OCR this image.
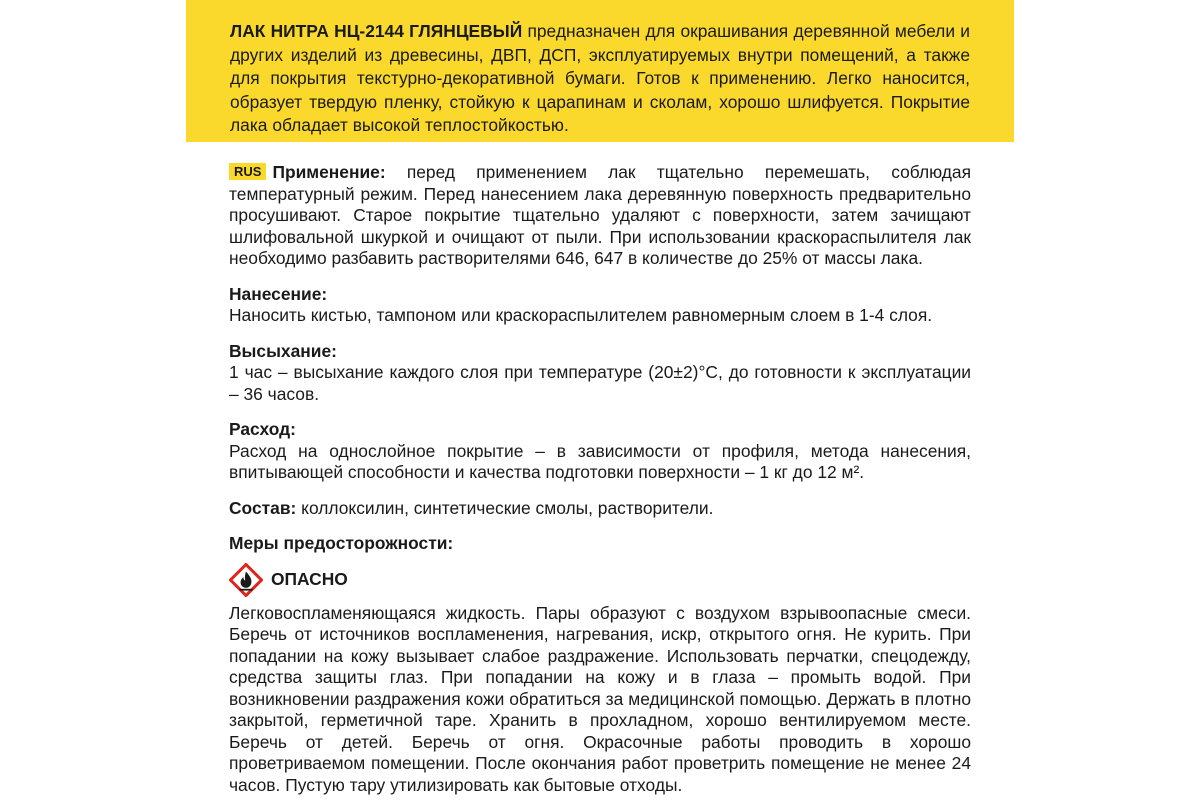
ЛАК НИТРА НЦ-2144 ГЛЯНЦЕВЫЙ предназначен для окрашивания деревянной мебели и других изделий из древесины, ДВП, ДСП, эксплуатируемых внутри помещений, а также для покрытия текстурно-декоративной бумаги. Готов к применению. Легко наносится, образует твердую пленку, стойкую к царапинам и сколам, хорошо шлифуется. Покрытие лака обладает высокой теплостойкостью.

RUS Применение: перед применением лак тщательно перемешать, соблюдая температурный режим. Перед нанесением лака деревянную поверхность предварительно просушивают. Старое покрытие тщательно удаляют с поверхности, затем зачищают шлифовальной шкуркой и очищают от пыли. При использовании краскораспылителя лак необходимо разбавить растворителями 646, 647 в количестве до 25% от массы лака.

Нанесение:

Наносить кистью, тампоном или краскораспылителем равномерным слоем в 1-4 слоя.

Высыхание:

1 час – высыхание каждого слоя при температуре (20±2)°С, до готовности к эксплуатации – 36 часов.

Расход:

Расход на однослойное покрытие – в зависимости от профиля, метода нанесения, впитывающей способности и качества подготовки поверхности – 1 кг до 12 м².

Состав: коллоксилин, синтетические смолы, растворители.

Меры предосторожности:
ОПАСНО

Легковоспламеняющаяся жидкость. Пары образуют с воздухом взрывоопасные смеси. Беречь от источников воспламенения, нагревания, искр, открытого огня. Не курить. При попадании на кожу вызывает слабое раздражение. Использовать перчатки, спецодежду, средства защиты глаз. При попадании на кожу и в глаза – промыть водой. При возникновении раздражения кожи обратиться за медицинской помощью. Держать в плотно закрытой, герметичной таре. Хранить в прохладном, хорошо вентилируемом месте. Беречь от детей. Беречь от огня. Окрасочные работы проводить в хорошо проветриваемом помещении. После окончания работ проветрить помещение не менее 24 часов. Пустую тару утилизировать как бытовые отходы.
